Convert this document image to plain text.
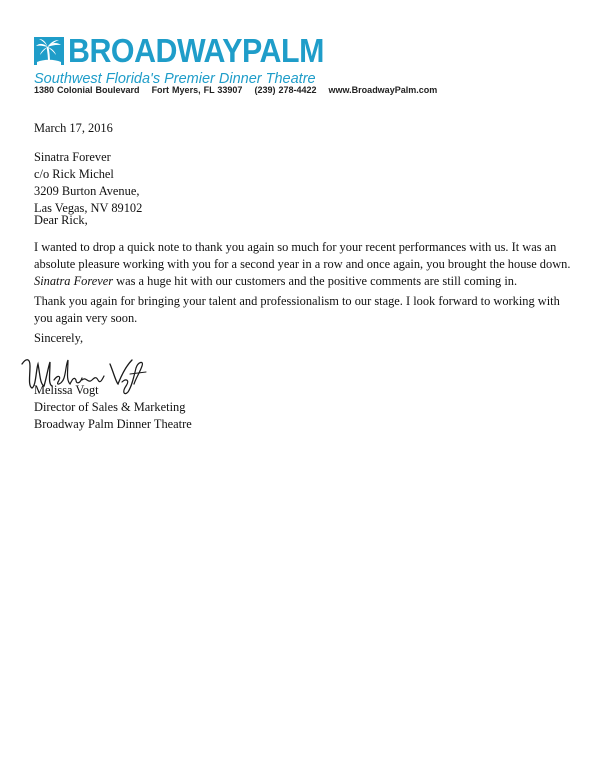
BROADWAYPALM
Southwest Florida's Premier Dinner Theatre
1380 Colonial Boulevard Fort Myers, FL 33907 (239) 278-4422 www.BroadwayPalm.com
March 17, 2016
Sinatra Forever
c/o Rick Michel
3209 Burton Avenue,
Las Vegas, NV 89102
Dear Rick,

I wanted to drop a quick note to thank you again so much for your recent performances with us. It was an absolute pleasure working with you for a second year in a row and once again, you brought the house down. Sinatra Forever was a huge hit with our customers and the positive comments are still coming in.

Thank you again for bringing your talent and professionalism to our stage. I look forward to working with you again very soon.

Sincerely,
Melissa Vogt
Director of Sales & Marketing
Broadway Palm Dinner Theatre
